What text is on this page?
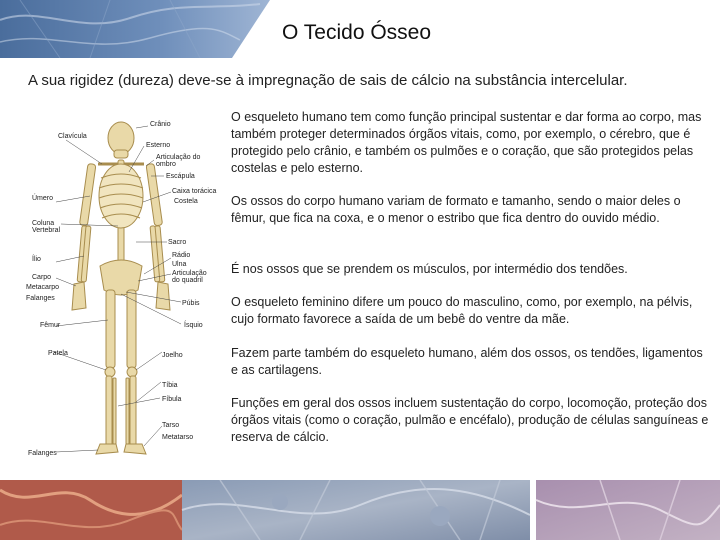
O Tecido Ósseo
A sua rigidez (dureza) deve-se à impregnação de sais de cálcio na substância intercelular.
Crânio
Clavícula
Esterno
Articulação do ombro
Escápula
Úmero
Caixa torácica
Costela
Coluna Vertebral
Sacro
Ílio
Rádio
Ulna
Carpo
Articulação do quadril
Metacarpo
Falanges
Púbis
Fêmur	Ísquio
Patela	Joelho
Tíbia
Fíbula
Tarso
Metatarso
Falanges

O esqueleto humano tem como função principal sustentar e dar forma ao corpo, mas também proteger determinados órgãos vitais, como, por exemplo, o cérebro, que é protegido pelo crânio, e também os pulmões e o coração, que são protegidos pelas costelas e pelo esterno.

Os ossos do corpo humano variam de formato e tamanho, sendo o maior deles o fêmur, que fica na coxa, e o menor o estribo que fica dentro do ouvido médio.

É nos ossos que se prendem os músculos, por intermédio dos tendões.

O esqueleto feminino difere um pouco do masculino, como, por exemplo, na pélvis, cujo formato favorece a saída de um bebê do ventre da mãe.

Fazem parte também do esqueleto humano, além dos ossos, os tendões, ligamentos e as cartilagens.

Funções em geral dos ossos incluem sustentação do corpo, locomoção, proteção dos órgãos vitais (como o coração, pulmão e encéfalo), produção de células sanguíneas e reserva de cálcio.
